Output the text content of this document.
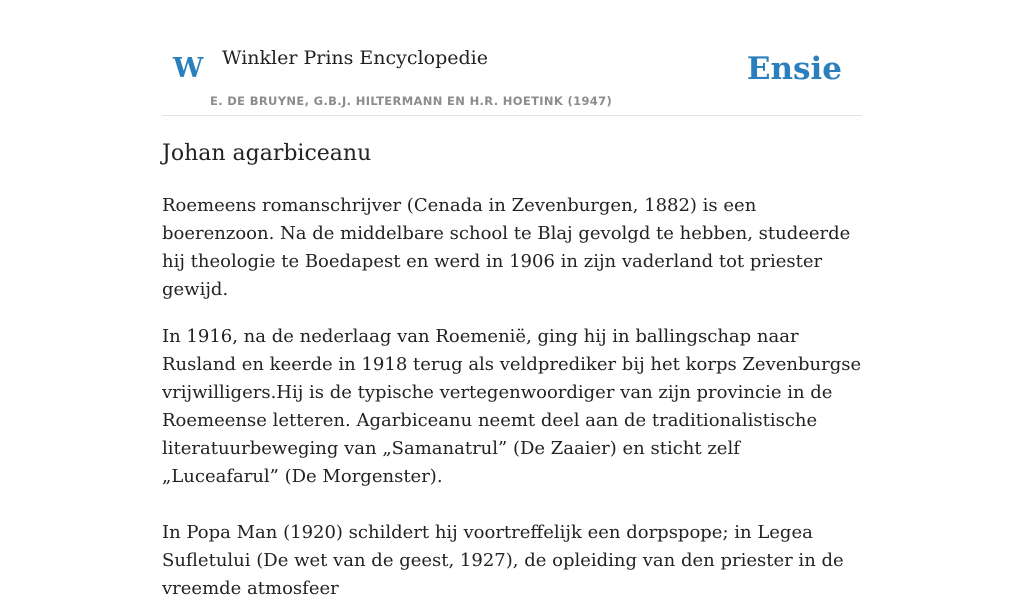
W Winkler Prins Encyclopedie
E. DE BRUYNE, G.B.J. HILTERMANN EN H.R. HOETINK (1947)
Ensie
Johan agarbiceanu

Roemeens romanschrijver (Cenada in Zevenburgen, 1882) is een boerenzoon. Na de middelbare school te Blaj gevolgd te hebben, studeerde hij theologie te Boedapest en werd in 1906 in zijn vaderland tot priester gewijd.

In 1916, na de nederlaag van Roemenië, ging hij in ballingschap naar Rusland en keerde in 1918 terug als veldprediker bij het korps Zevenburgse vrijwilligers.Hij is de typische vertegenwoordiger van zijn provincie in de Roemeense letteren. Agarbiceanu neemt deel aan de traditionalistische literatuurbeweging van „Samanatrul” (De Zaaier) en sticht zelf „Luceafarul” (De Morgenster).

In Popa Man (1920) schildert hij voortreffelijk een dorpspope; in Legea Sufletului (De wet van de geest, 1927), de opleiding van den priester in de vreemde atmosfeer
